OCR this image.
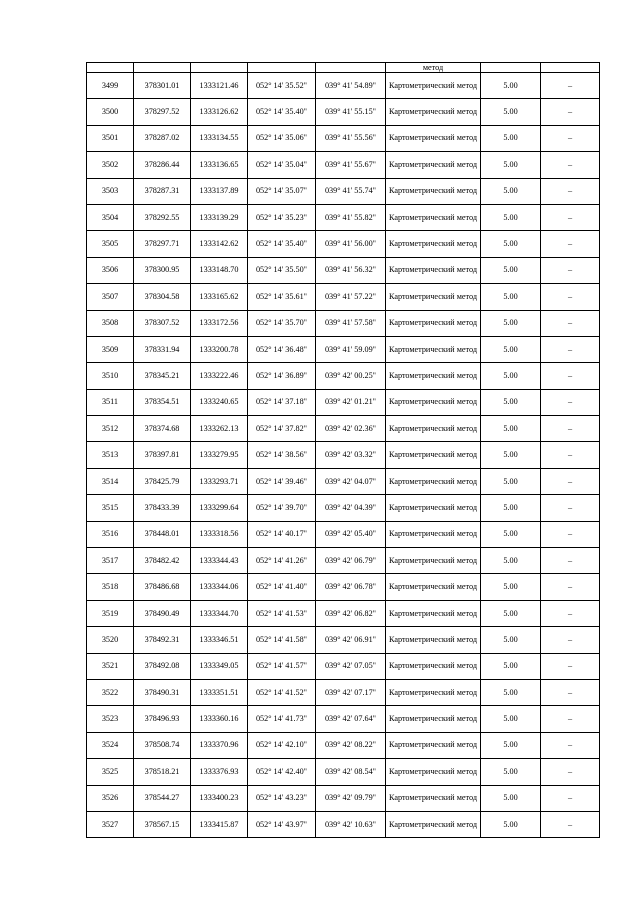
					метод		
3499	378301.01	1333121.46	052° 14' 35.52"	039° 41' 54.89"	Картометрический метод	5.00	–
3500	378297.52	1333126.62	052° 14' 35.40"	039° 41' 55.15"	Картометрический метод	5.00	–
3501	378287.02	1333134.55	052° 14' 35.06"	039° 41' 55.56"	Картометрический метод	5.00	–
3502	378286.44	1333136.65	052° 14' 35.04"	039° 41' 55.67"	Картометрический метод	5.00	–
3503	378287.31	1333137.89	052° 14' 35.07"	039° 41' 55.74"	Картометрический метод	5.00	–
3504	378292.55	1333139.29	052° 14' 35.23"	039° 41' 55.82"	Картометрический метод	5.00	–
3505	378297.71	1333142.62	052° 14' 35.40"	039° 41' 56.00"	Картометрический метод	5.00	–
3506	378300.95	1333148.70	052° 14' 35.50"	039° 41' 56.32"	Картометрический метод	5.00	–
3507	378304.58	1333165.62	052° 14' 35.61"	039° 41' 57.22"	Картометрический метод	5.00	–
3508	378307.52	1333172.56	052° 14' 35.70"	039° 41' 57.58"	Картометрический метод	5.00	–
3509	378331.94	1333200.78	052° 14' 36.48"	039° 41' 59.09"	Картометрический метод	5.00	–
3510	378345.21	1333222.46	052° 14' 36.89"	039° 42' 00.25"	Картометрический метод	5.00	–
3511	378354.51	1333240.65	052° 14' 37.18"	039° 42' 01.21"	Картометрический метод	5.00	–
3512	378374.68	1333262.13	052° 14' 37.82"	039° 42' 02.36"	Картометрический метод	5.00	–
3513	378397.81	1333279.95	052° 14' 38.56"	039° 42' 03.32"	Картометрический метод	5.00	–
3514	378425.79	1333293.71	052° 14' 39.46"	039° 42' 04.07"	Картометрический метод	5.00	–
3515	378433.39	1333299.64	052° 14' 39.70"	039° 42' 04.39"	Картометрический метод	5.00	–
3516	378448.01	1333318.56	052° 14' 40.17"	039° 42' 05.40"	Картометрический метод	5.00	–
3517	378482.42	1333344.43	052° 14' 41.26"	039° 42' 06.79"	Картометрический метод	5.00	–
3518	378486.68	1333344.06	052° 14' 41.40"	039° 42' 06.78"	Картометрический метод	5.00	–
3519	378490.49	1333344.70	052° 14' 41.53"	039° 42' 06.82"	Картометрический метод	5.00	–
3520	378492.31	1333346.51	052° 14' 41.58"	039° 42' 06.91"	Картометрический метод	5.00	–
3521	378492.08	1333349.05	052° 14' 41.57"	039° 42' 07.05"	Картометрический метод	5.00	–
3522	378490.31	1333351.51	052° 14' 41.52"	039° 42' 07.17"	Картометрический метод	5.00	–
3523	378496.93	1333360.16	052° 14' 41.73"	039° 42' 07.64"	Картометрический метод	5.00	–
3524	378508.74	1333370.96	052° 14' 42.10"	039° 42' 08.22"	Картометрический метод	5.00	–
3525	378518.21	1333376.93	052° 14' 42.40"	039° 42' 08.54"	Картометрический метод	5.00	–
3526	378544.27	1333400.23	052° 14' 43.23"	039° 42' 09.79"	Картометрический метод	5.00	–
3527	378567.15	1333415.87	052° 14' 43.97"	039° 42' 10.63"	Картометрический метод	5.00	–
